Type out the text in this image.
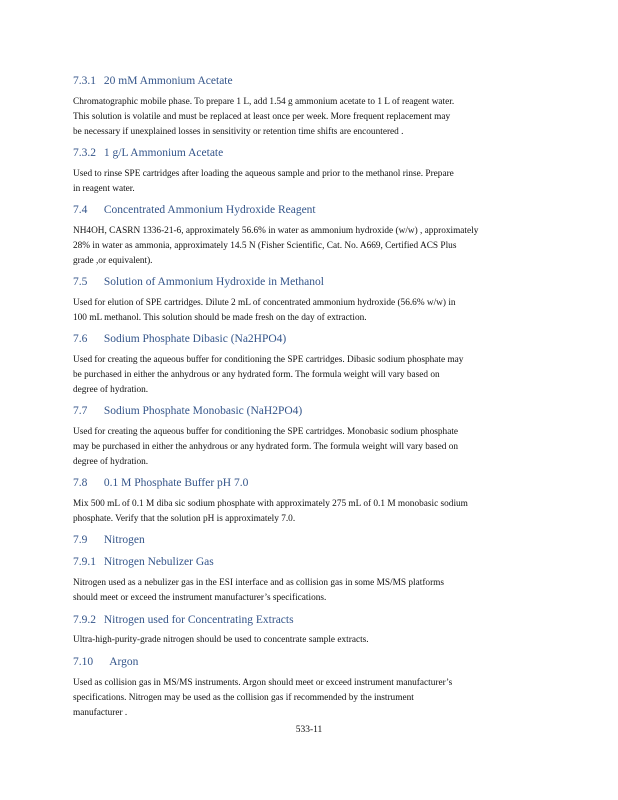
7.3.1 20 mM Ammonium Acetate
Chromatographic mobile phase. To prepare 1 L, add 1.54 g ammonium acetate to 1 L of reagent water.
This solution is volatile and must be replaced at least once per week. More frequent replacement may
be necessary if unexplained losses in sensitivity or retention time shifts are encountered .
7.3.2 1 g/L Ammonium Acetate
Used to rinse SPE cartridges after loading the aqueous sample and prior to the methanol rinse. Prepare
in reagent water.
7.4 Concentrated Ammonium Hydroxide Reagent
NH4OH, CASRN 1336-21-6, approximately 56.6% in water as ammonium hydroxide (w/w) , approximately
28% in water as ammonia, approximately 14.5 N (Fisher Scientific, Cat. No. A669, Certified ACS Plus
grade ,or equivalent).
7.5 Solution of Ammonium Hydroxide in Methanol
Used for elution of SPE cartridges. Dilute 2 mL of concentrated ammonium hydroxide (56.6% w/w) in
100 mL methanol. This solution should be made fresh on the day of extraction.
7.6 Sodium Phosphate Dibasic (Na2HPO4)
Used for creating the aqueous buffer for conditioning the SPE cartridges. Dibasic sodium phosphate may
be purchased in either the anhydrous or any hydrated form. The formula weight will vary based on
degree of hydration.
7.7 Sodium Phosphate Monobasic (NaH2PO4)
Used for creating the aqueous buffer for conditioning the SPE cartridges. Monobasic sodium phosphate
may be purchased in either the anhydrous or any hydrated form. The formula weight will vary based on
degree of hydration.
7.8 0.1 M Phosphate Buffer pH 7.0
Mix 500 mL of 0.1 M diba sic sodium phosphate with approximately 275 mL of 0.1 M monobasic sodium
phosphate. Verify that the solution pH is approximately 7.0.
7.9 Nitrogen
7.9.1 Nitrogen Nebulizer Gas
Nitrogen used as a nebulizer gas in the ESI interface and as collision gas in some MS/MS platforms
should meet or exceed the instrument manufacturer’s specifications.
7.9.2 Nitrogen used for Concentrating Extracts
Ultra-high-purity-grade nitrogen should be used to concentrate sample extracts.
7.10 Argon
Used as collision gas in MS/MS instruments. Argon should meet or exceed instrument manufacturer’s
specifications. Nitrogen may be used as the collision gas if recommended by the instrument
manufacturer .
533-11
